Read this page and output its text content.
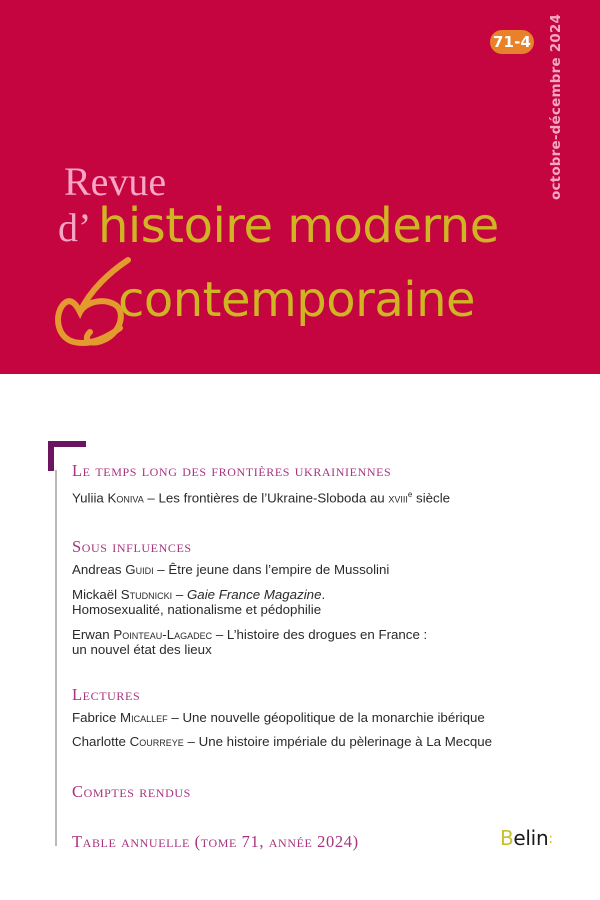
71-4 octobre-décembre 2024
Revue
d’ histoire moderne
contemporaine
Le temps long des frontières ukrainiennes
Yuliia Koniva – Les frontières de l’Ukraine-Sloboda au xviii$^e$ siècle
Sous influences
Andreas Guidi – Être jeune dans l’empire de Mussolini
Mickaël Studnicki – Gaie France Magazine.
Homosexualité, nationalisme et pédophilie
Erwan Pointeau-Lagadec – L’histoire des drogues en France :
un nouvel état des lieux
Lectures
Fabrice Micallef – Une nouvelle géopolitique de la monarchie ibérique
Charlotte Courreye – Une histoire impériale du pèlerinage à La Mecque
Comptes rendus
Table annuelle (tome 71, année 2024)	Belin:
